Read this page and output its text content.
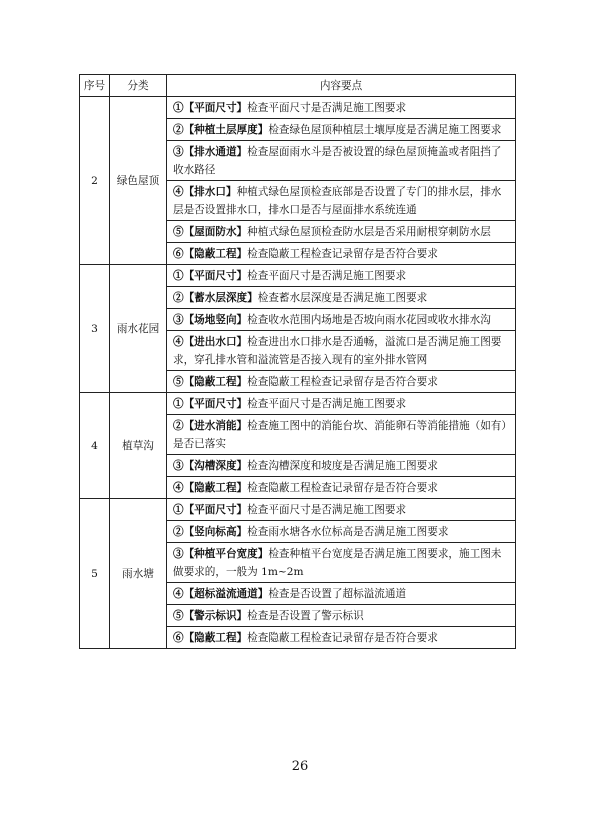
序号	分类	内容要点
2	绿色屋顶	①【平面尺寸】检查平面尺寸是否满足施工图要求
		②【种植土层厚度】检查绿色屋顶种植层土壤厚度是否满足施工图要求
		③【排水通道】检查屋面雨水斗是否被设置的绿色屋顶掩盖或者阻挡了收水路径
		④【排水口】种植式绿色屋顶检查底部是否设置了专门的排水层，排水层是否设置排水口，排水口是否与屋面排水系统连通
		⑤【屋面防水】种植式绿色屋顶检查防水层是否采用耐根穿刺防水层
		⑥【隐蔽工程】检查隐蔽工程检查记录留存是否符合要求
3	雨水花园	①【平面尺寸】检查平面尺寸是否满足施工图要求
		②【蓄水层深度】检查蓄水层深度是否满足施工图要求
		③【场地竖向】检查收水范围内场地是否坡向雨水花园或收水排水沟
		④【进出水口】检查进出水口排水是否通畅，溢流口是否满足施工图要求，穿孔排水管和溢流管是否接入现有的室外排水管网
		⑤【隐蔽工程】检查隐蔽工程检查记录留存是否符合要求
4	植草沟	①【平面尺寸】检查平面尺寸是否满足施工图要求
		②【进水消能】检查施工图中的消能台坎、消能卵石等消能措施（如有）是否已落实
		③【沟槽深度】检查沟槽深度和坡度是否满足施工图要求
		④【隐蔽工程】检查隐蔽工程检查记录留存是否符合要求
5	雨水塘	①【平面尺寸】检查平面尺寸是否满足施工图要求
		②【竖向标高】检查雨水塘各水位标高是否满足施工图要求
		③【种植平台宽度】检查种植平台宽度是否满足施工图要求，施工图未做要求的，一般为 1m~2m
		④【超标溢流通道】检查是否设置了超标溢流通道
		⑤【警示标识】检查是否设置了警示标识
		⑥【隐蔽工程】检查隐蔽工程检查记录留存是否符合要求
26
